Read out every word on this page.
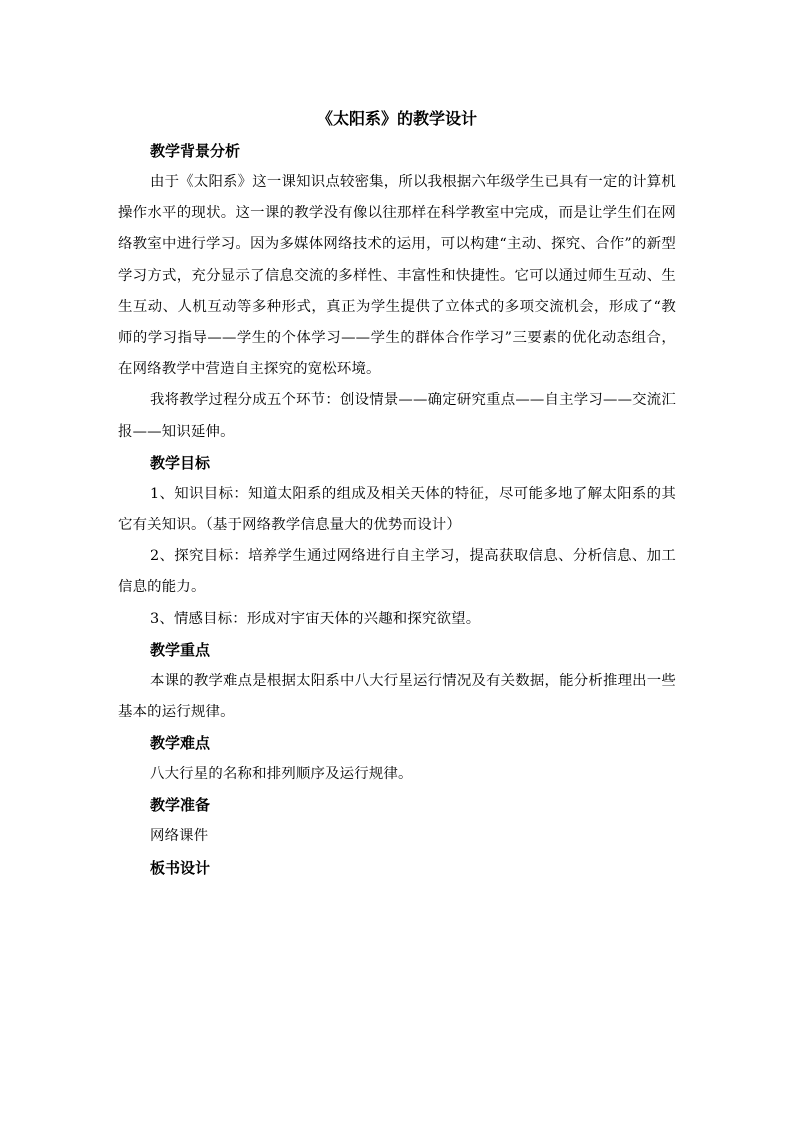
《太阳系》的教学设计

教学背景分析

由于《太阳系》这一课知识点较密集，所以我根据六年级学生已具有一定的计算机操作水平的现状。这一课的教学没有像以往那样在科学教室中完成，而是让学生们在网络教室中进行学习。因为多媒体网络技术的运用，可以构建“主动、探究、合作”的新型学习方式，充分显示了信息交流的多样性、丰富性和快捷性。它可以通过师生互动、生生互动、人机互动等多种形式，真正为学生提供了立体式的多项交流机会，形成了“教师的学习指导——学生的个体学习——学生的群体合作学习”三要素的优化动态组合，在网络教学中营造自主探究的宽松环境。

我将教学过程分成五个环节：创设情景——确定研究重点——自主学习——交流汇报——知识延伸。

教学目标

1、知识目标：知道太阳系的组成及相关天体的特征，尽可能多地了解太阳系的其它有关知识。（基于网络教学信息量大的优势而设计）

2、探究目标：培养学生通过网络进行自主学习，提高获取信息、分析信息、加工信息的能力。

3、情感目标：形成对宇宙天体的兴趣和探究欲望。

教学重点

本课的教学难点是根据太阳系中八大行星运行情况及有关数据，能分析推理出一些基本的运行规律。

教学难点

八大行星的名称和排列顺序及运行规律。

教学准备

网络课件

板书设计
